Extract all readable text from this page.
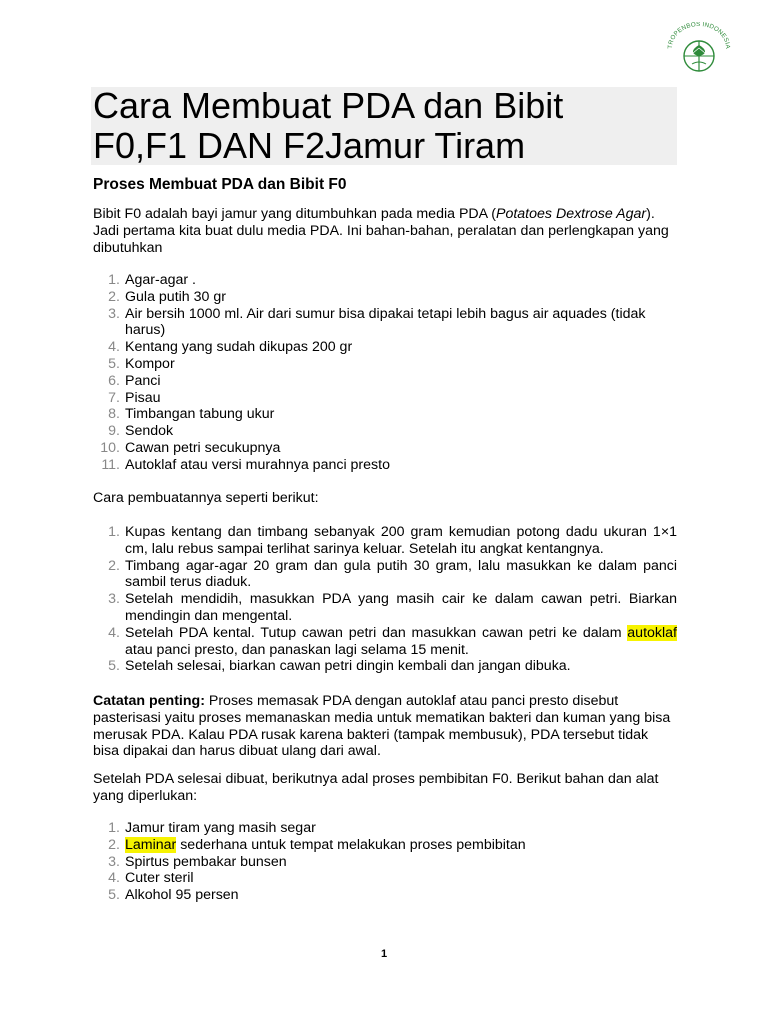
TROPENBOS INDONESIA
Cara Membuat PDA dan Bibit
F0,F1 DAN F2Jamur Tiram
Proses Membuat PDA dan Bibit F0

Bibit F0 adalah bayi jamur yang ditumbuhkan pada media PDA (Potatoes Dextrose Agar). Jadi pertama kita buat dulu media PDA. Ini bahan-bahan, peralatan dan perlengkapan yang dibutuhkan

1. Agar-agar .
2. Gula putih 30 gr
3. Air bersih 1000 ml. Air dari sumur bisa dipakai tetapi lebih bagus air aquades (tidak harus)
4. Kentang yang sudah dikupas 200 gr
5. Kompor
6. Panci
7. Pisau
8. Timbangan tabung ukur
9. Sendok
10. Cawan petri secukupnya
11. Autoklaf atau versi murahnya panci presto

Cara pembuatannya seperti berikut:

1. Kupas kentang dan timbang sebanyak 200 gram kemudian potong dadu ukuran 1×1 cm, lalu rebus sampai terlihat sarinya keluar. Setelah itu angkat kentangnya.
2. Timbang agar-agar 20 gram dan gula putih 30 gram, lalu masukkan ke dalam panci sambil terus diaduk.
3. Setelah mendidih, masukkan PDA yang masih cair ke dalam cawan petri. Biarkan mendingin dan mengental.
4. Setelah PDA kental. Tutup cawan petri dan masukkan cawan petri ke dalam autoklaf atau panci presto, dan panaskan lagi selama 15 menit.
5. Setelah selesai, biarkan cawan petri dingin kembali dan jangan dibuka.

Catatan penting: Proses memasak PDA dengan autoklaf atau panci presto disebut pasterisasi yaitu proses memanaskan media untuk mematikan bakteri dan kuman yang bisa merusak PDA. Kalau PDA rusak karena bakteri (tampak membusuk), PDA tersebut tidak bisa dipakai dan harus dibuat ulang dari awal.

Setelah PDA selesai dibuat, berikutnya adal proses pembibitan F0. Berikut bahan dan alat yang diperlukan:

1. Jamur tiram yang masih segar
2. Laminar sederhana untuk tempat melakukan proses pembibitan
3. Spirtus pembakar bunsen
4. Cuter steril
5. Alkohol 95 persen
1
